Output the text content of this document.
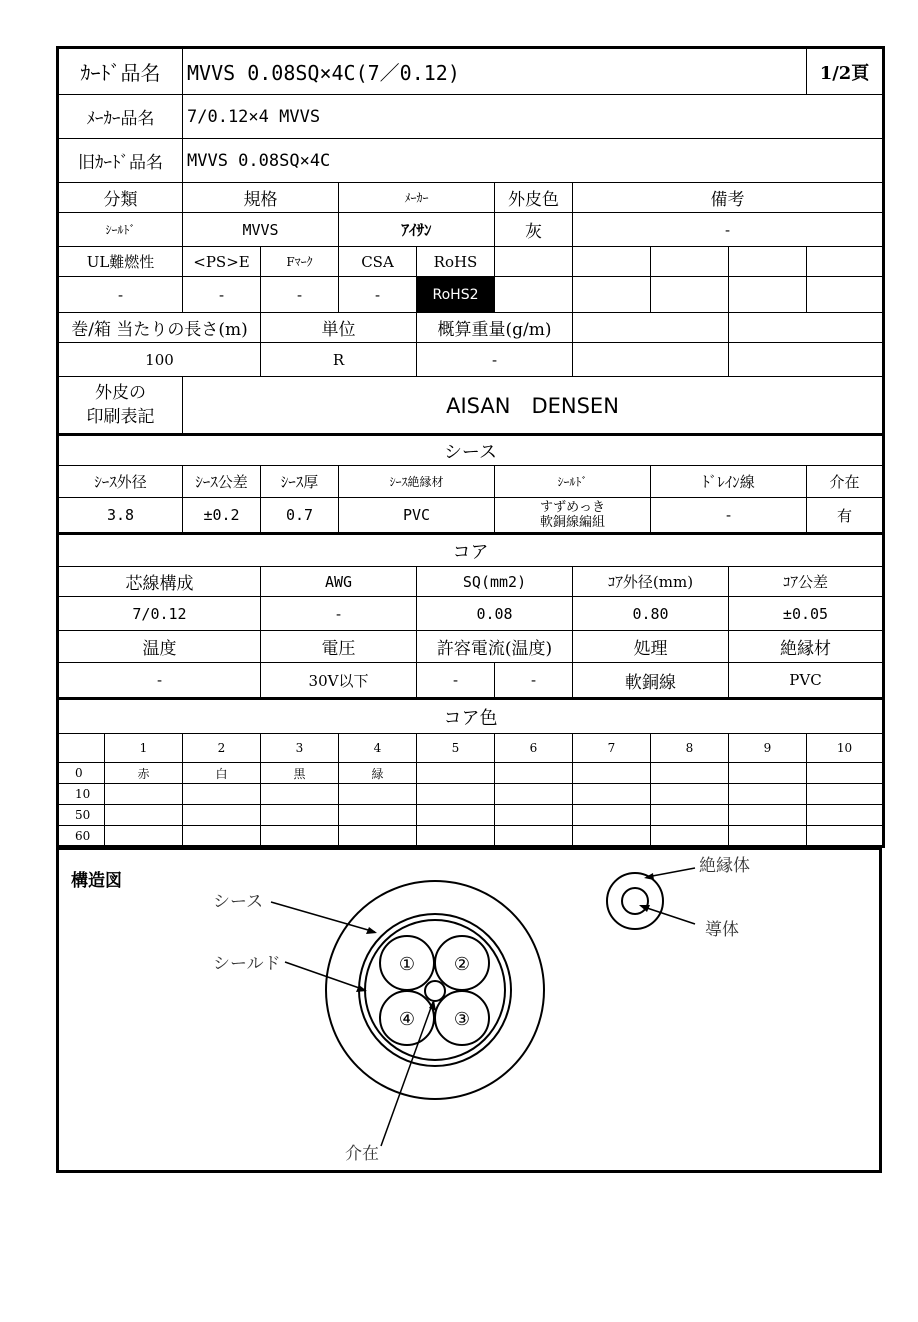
ｶｰﾄﾞ品名		MVVS 0.08SQ×4C(7／0.12)								1/2頁
ﾒｰｶｰ品名		7/0.12×4 MVVS								
旧ｶｰﾄﾞ品名		MVVS 0.08SQ×4C								
分類		規格		ﾒｰｶｰ		外皮色	備考			
ｼｰﾙﾄﾞ		MVVS		ｱｲｻﾝ		灰	-			
UL難燃性		<PS>E	Fﾏｰｸ	CSA	RoHS					
-		-	-	-	RoHS2					
巻/箱 当たりの長さ(m)			単位		概算重量(g/m)					
100			R		-					

外皮の
印刷表記		AISAN　DENSEN								
シース										
ｼｰｽ外径		ｼｰｽ公差	ｼｰｽ厚	ｼｰｽ絶縁材		ｼｰﾙﾄﾞ		ﾄﾞﾚｲﾝ線		介在
3.8		±0.2	0.7	PVC		すずめっき
軟銅線編組		-		有
コア										
芯線構成			AWG		SQ(mm2)		ｺｱ外径(mm)		ｺｱ公差	
7/0.12			-		0.08		0.80		±0.05	
温度			電圧		許容電流(温度)		処理		絶縁材	
-			30V以下		-	-	軟銅線		PVC	
コア色										
	1	2	3	4	5	6	7	8	9	10
0	赤	白	黒	緑						
10										
50										
60										
構造図
① ②
③
④
シース
シールド
介在
絶縁体
導体
